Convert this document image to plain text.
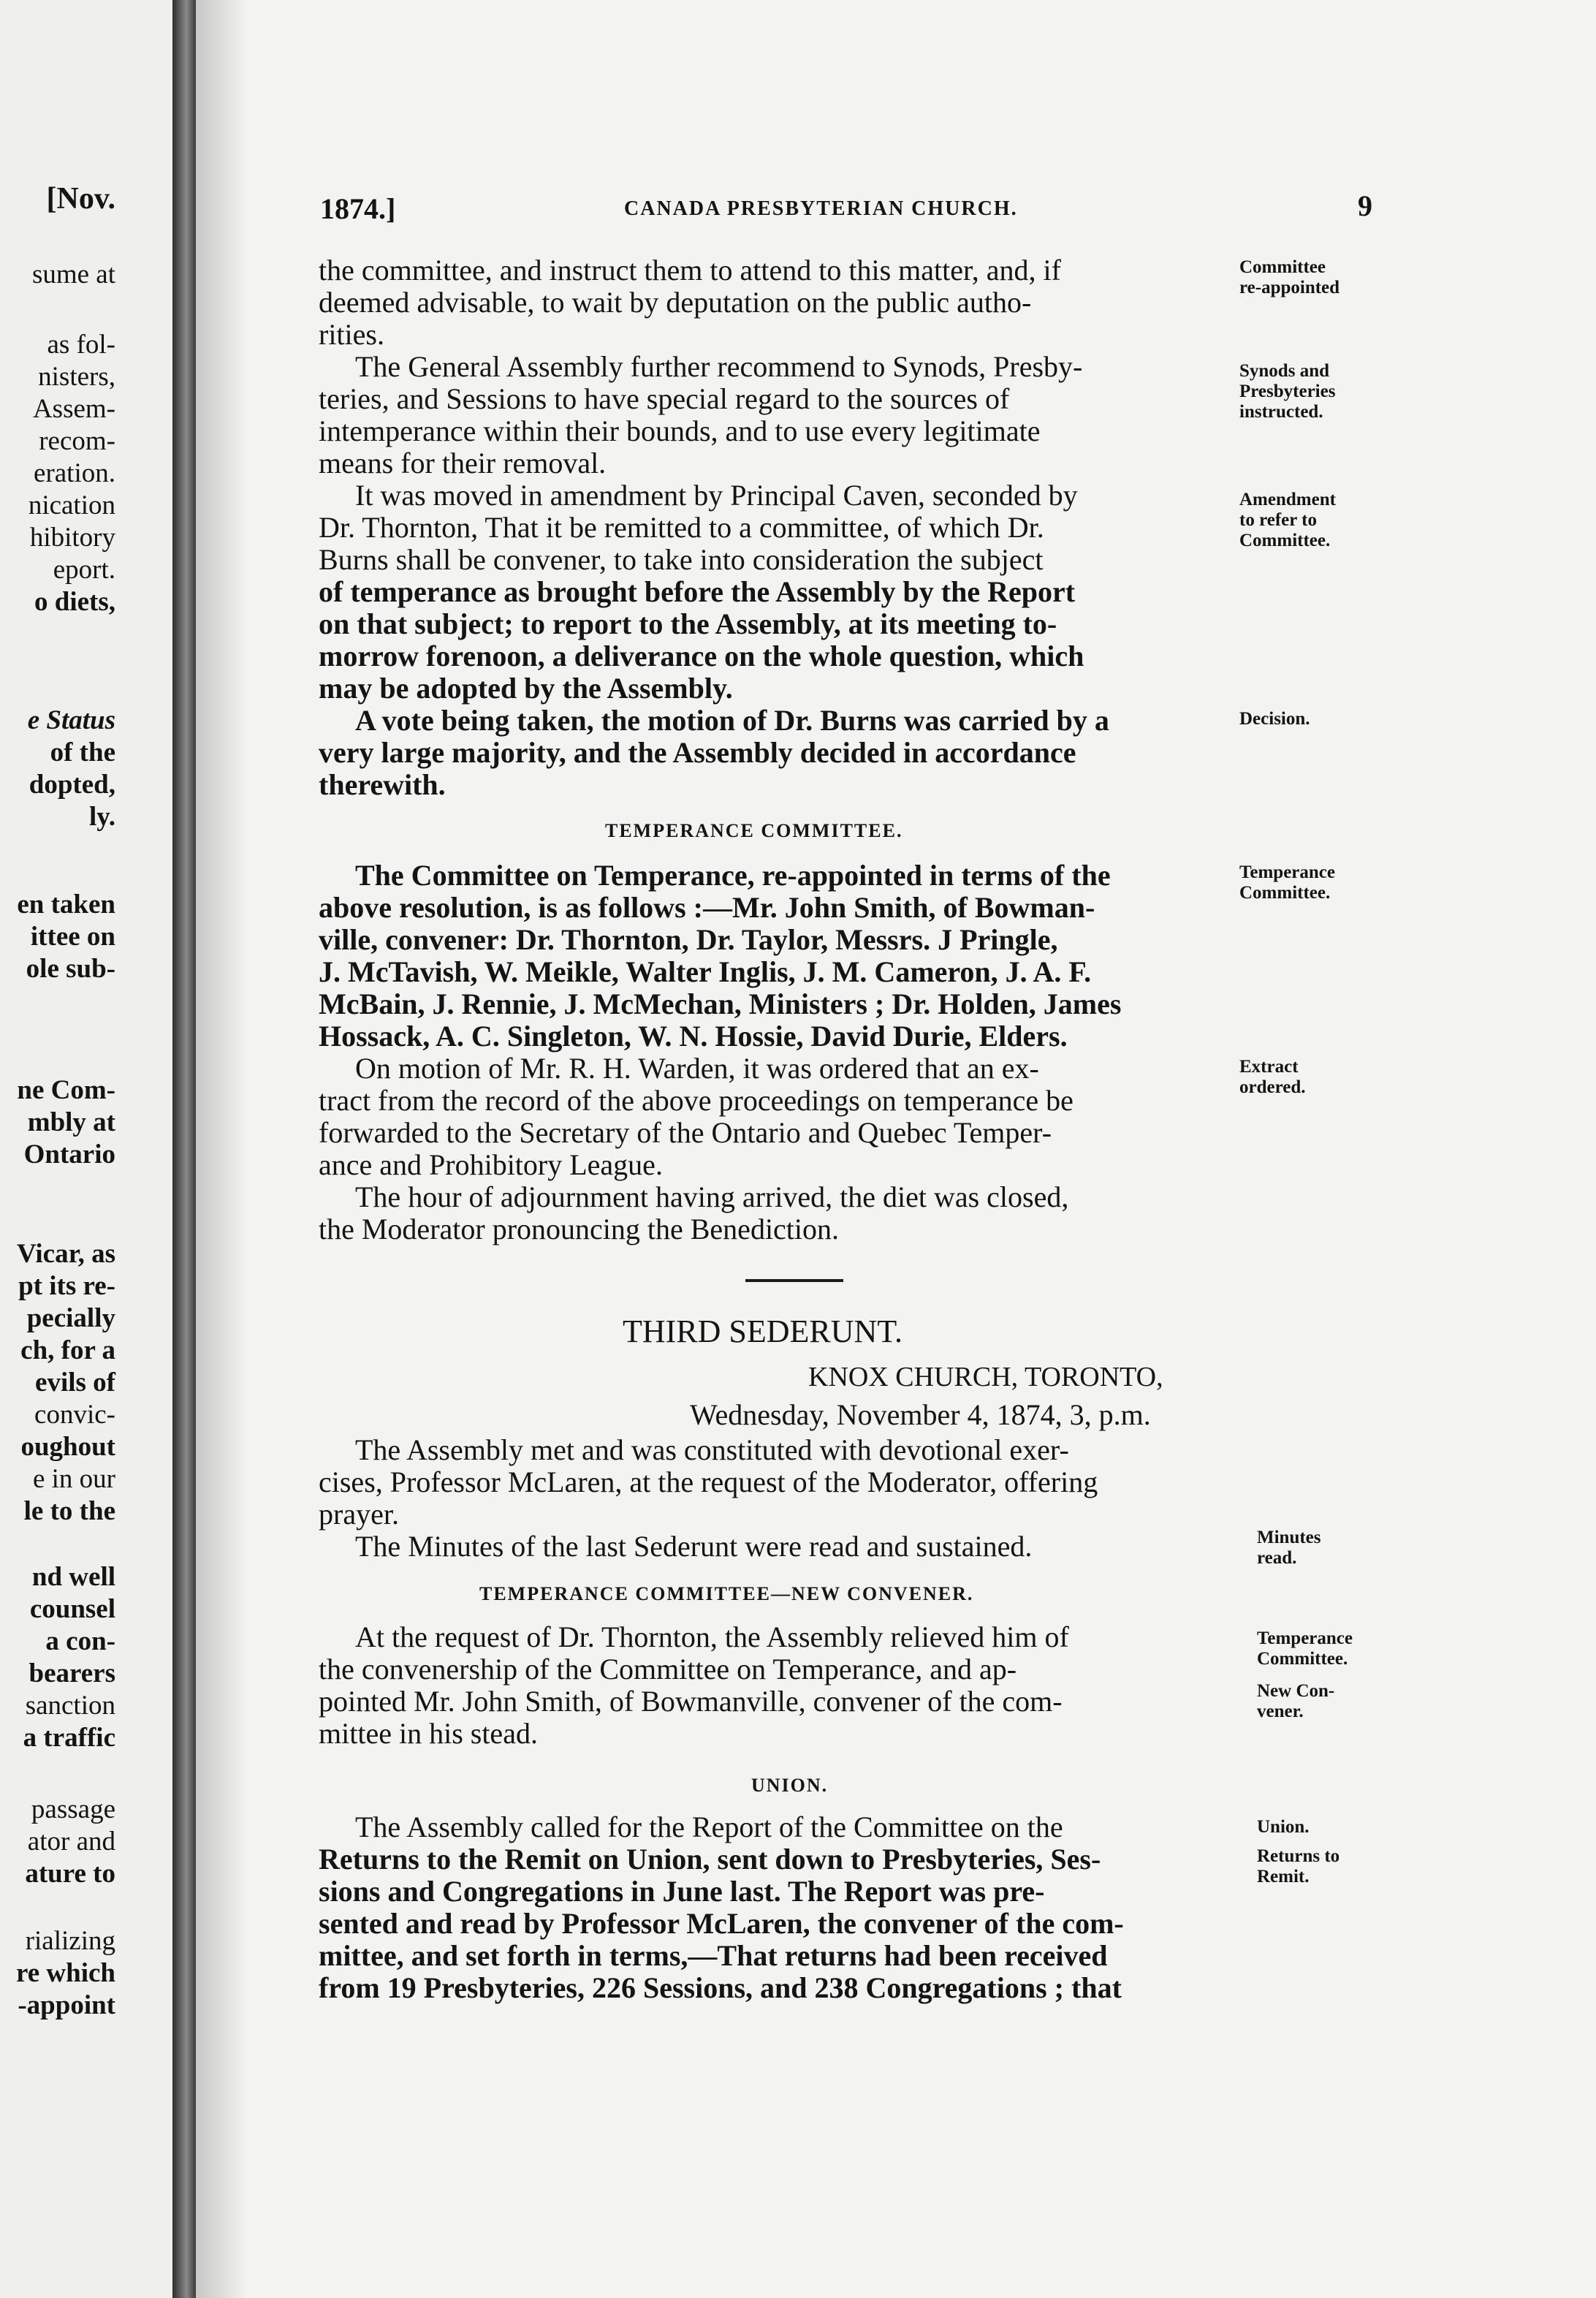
[Nov.
sume at
as fol-
nisters,
Assem-
recom-
eration.
nication
hibitory
eport.
o diets,
e Status
of the
dopted,
ly.
en taken
ittee on
ole sub-
ne Com-
mbly at
Ontario
Vicar, as
pt its re-
pecially
ch, for a
evils of
convic-
oughout
e in our
le to the
nd well
counsel
a con-
bearers
sanction
a traffic
passage
ator and
ature to
rializing
re which
-appoint
1874.]	CANADA PRESBYTERIAN CHURCH.	9
the committee, and instruct them to attend to this matter, and, if
deemed advisable, to wait by deputation on the public autho-
rities.
The General Assembly further recommend to Synods, Presby-
teries, and Sessions to have special regard to the sources of
intemperance within their bounds, and to use every legitimate
means for their removal.
It was moved in amendment by Principal Caven, seconded by
Dr. Thornton, That it be remitted to a committee, of which Dr.
Burns shall be convener, to take into consideration the subject
of temperance as brought before the Assembly by the Report
on that subject; to report to the Assembly, at its meeting to-
morrow forenoon, a deliverance on the whole question, which
may be adopted by the Assembly.
A vote being taken, the motion of Dr. Burns was carried by a
very large majority, and the Assembly decided in accordance
therewith.
TEMPERANCE COMMITTEE.
The Committee on Temperance, re-appointed in terms of the
above resolution, is as follows :—Mr. John Smith, of Bowman-
ville, convener: Dr. Thornton, Dr. Taylor, Messrs. J Pringle,
J. McTavish, W. Meikle, Walter Inglis, J. M. Cameron, J. A. F.
McBain, J. Rennie, J. McMechan, Ministers ; Dr. Holden, James
Hossack, A. C. Singleton, W. N. Hossie, David Durie, Elders.
On motion of Mr. R. H. Warden, it was ordered that an ex-
tract from the record of the above proceedings on temperance be
forwarded to the Secretary of the Ontario and Quebec Temper-
ance and Prohibitory League.
The hour of adjournment having arrived, the diet was closed,
the Moderator pronouncing the Benediction.
THIRD SEDERUNT.
KNOX CHURCH, TORONTO,
Wednesday, November 4, 1874, 3, p.m.
The Assembly met and was constituted with devotional exer-
cises, Professor McLaren, at the request of the Moderator, offering
prayer.
The Minutes of the last Sederunt were read and sustained.
TEMPERANCE COMMITTEE—NEW CONVENER.
At the request of Dr. Thornton, the Assembly relieved him of
the convenership of the Committee on Temperance, and ap-
pointed Mr. John Smith, of Bowmanville, convener of the com-
mittee in his stead.
UNION.
The Assembly called for the Report of the Committee on the
Returns to the Remit on Union, sent down to Presbyteries, Ses-
sions and Congregations in June last. The Report was pre-
sented and read by Professor McLaren, the convener of the com-
mittee, and set forth in terms,—That returns had been received
from 19 Presbyteries, 226 Sessions, and 238 Congregations ; that
Committee
re-appointed
Synods and
Presbyteries
instructed.
Amendment
to refer to
Committee.
Decision.
Temperance
Committee.
Extract
ordered.
Minutes
read.
Temperance
Committee.
New Con-
vener.
Union.
Returns to
Remit.
